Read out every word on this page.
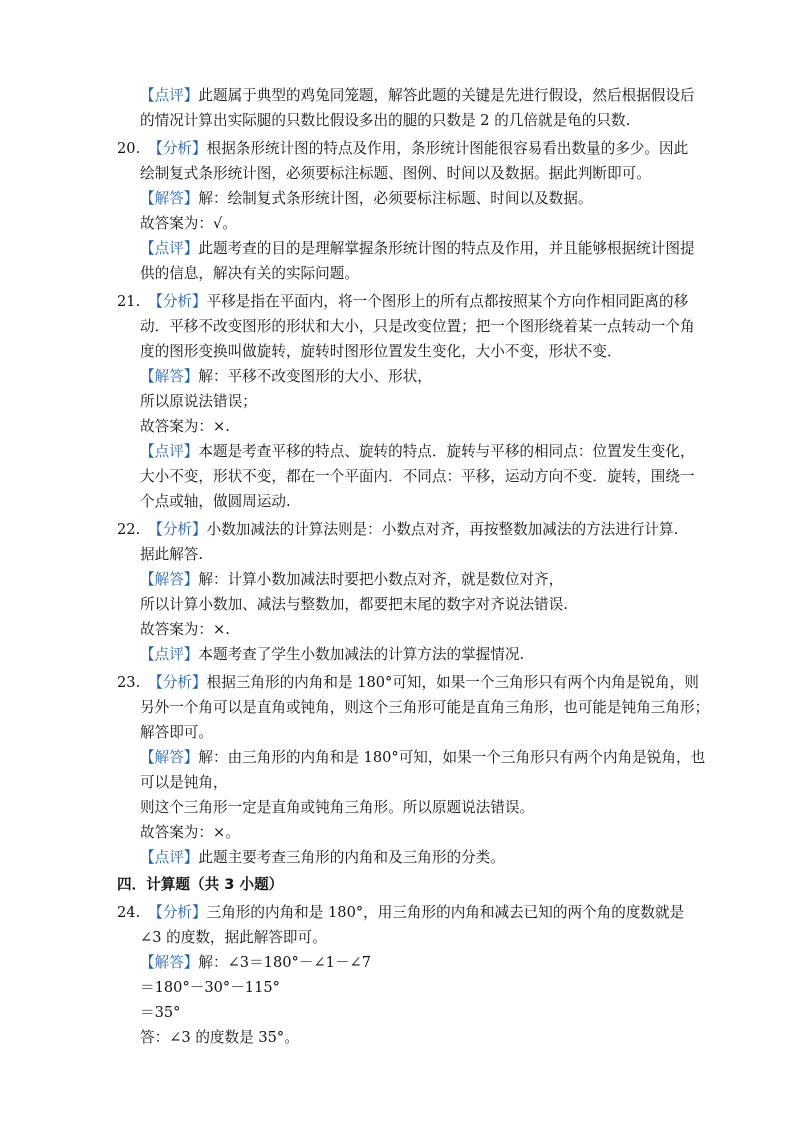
【点评】此题属于典型的鸡兔同笼题，解答此题的关键是先进行假设，然后根据假设后
的情况计算出实际腿的只数比假设多出的腿的只数是 2 的几倍就是龟的只数.
20. 【分析】根据条形统计图的特点及作用，条形统计图能很容易看出数量的多少。因此
绘制复式条形统计图，必须要标注标题、图例、时间以及数据。据此判断即可。
【解答】解：绘制复式条形统计图，必须要标注标题、时间以及数据。
故答案为：√。
【点评】此题考查的目的是理解掌握条形统计图的特点及作用，并且能够根据统计图提
供的信息，解决有关的实际问题。
21. 【分析】平移是指在平面内，将一个图形上的所有点都按照某个方向作相同距离的移
动．平移不改变图形的形状和大小，只是改变位置；把一个图形绕着某一点转动一个角
度的图形变换叫做旋转，旋转时图形位置发生变化，大小不变，形状不变．
【解答】解：平移不改变图形的大小、形状，
所以原说法错误；
故答案为：×.
【点评】本题是考查平移的特点、旋转的特点．旋转与平移的相同点：位置发生变化，
大小不变，形状不变，都在一个平面内．不同点：平移，运动方向不变．旋转，围绕一
个点或轴，做圆周运动.
22. 【分析】小数加减法的计算法则是：小数点对齐，再按整数加减法的方法进行计算.
据此解答.
【解答】解：计算小数加减法时要把小数点对齐，就是数位对齐，
所以计算小数加、减法与整数加，都要把末尾的数字对齐说法错误.
故答案为：×.
【点评】本题考查了学生小数加减法的计算方法的掌握情况.
23. 【分析】根据三角形的内角和是 180°可知，如果一个三角形只有两个内角是锐角，则
另外一个角可以是直角或钝角，则这个三角形可能是直角三角形，也可能是钝角三角形；
解答即可。
【解答】解：由三角形的内角和是 180°可知，如果一个三角形只有两个内角是锐角，也
可以是钝角，
则这个三角形一定是直角或钝角三角形。所以原题说法错误。
故答案为：×。
【点评】此题主要考查三角形的内角和及三角形的分类。
四．计算题（共 3 小题）
24. 【分析】三角形的内角和是 180°，用三角形的内角和减去已知的两个角的度数就是
∠3 的度数，据此解答即可。
【解答】解：∠3＝180°－∠1－∠7
＝180°－30°－115°
＝35°
答：∠3 的度数是 35°。
